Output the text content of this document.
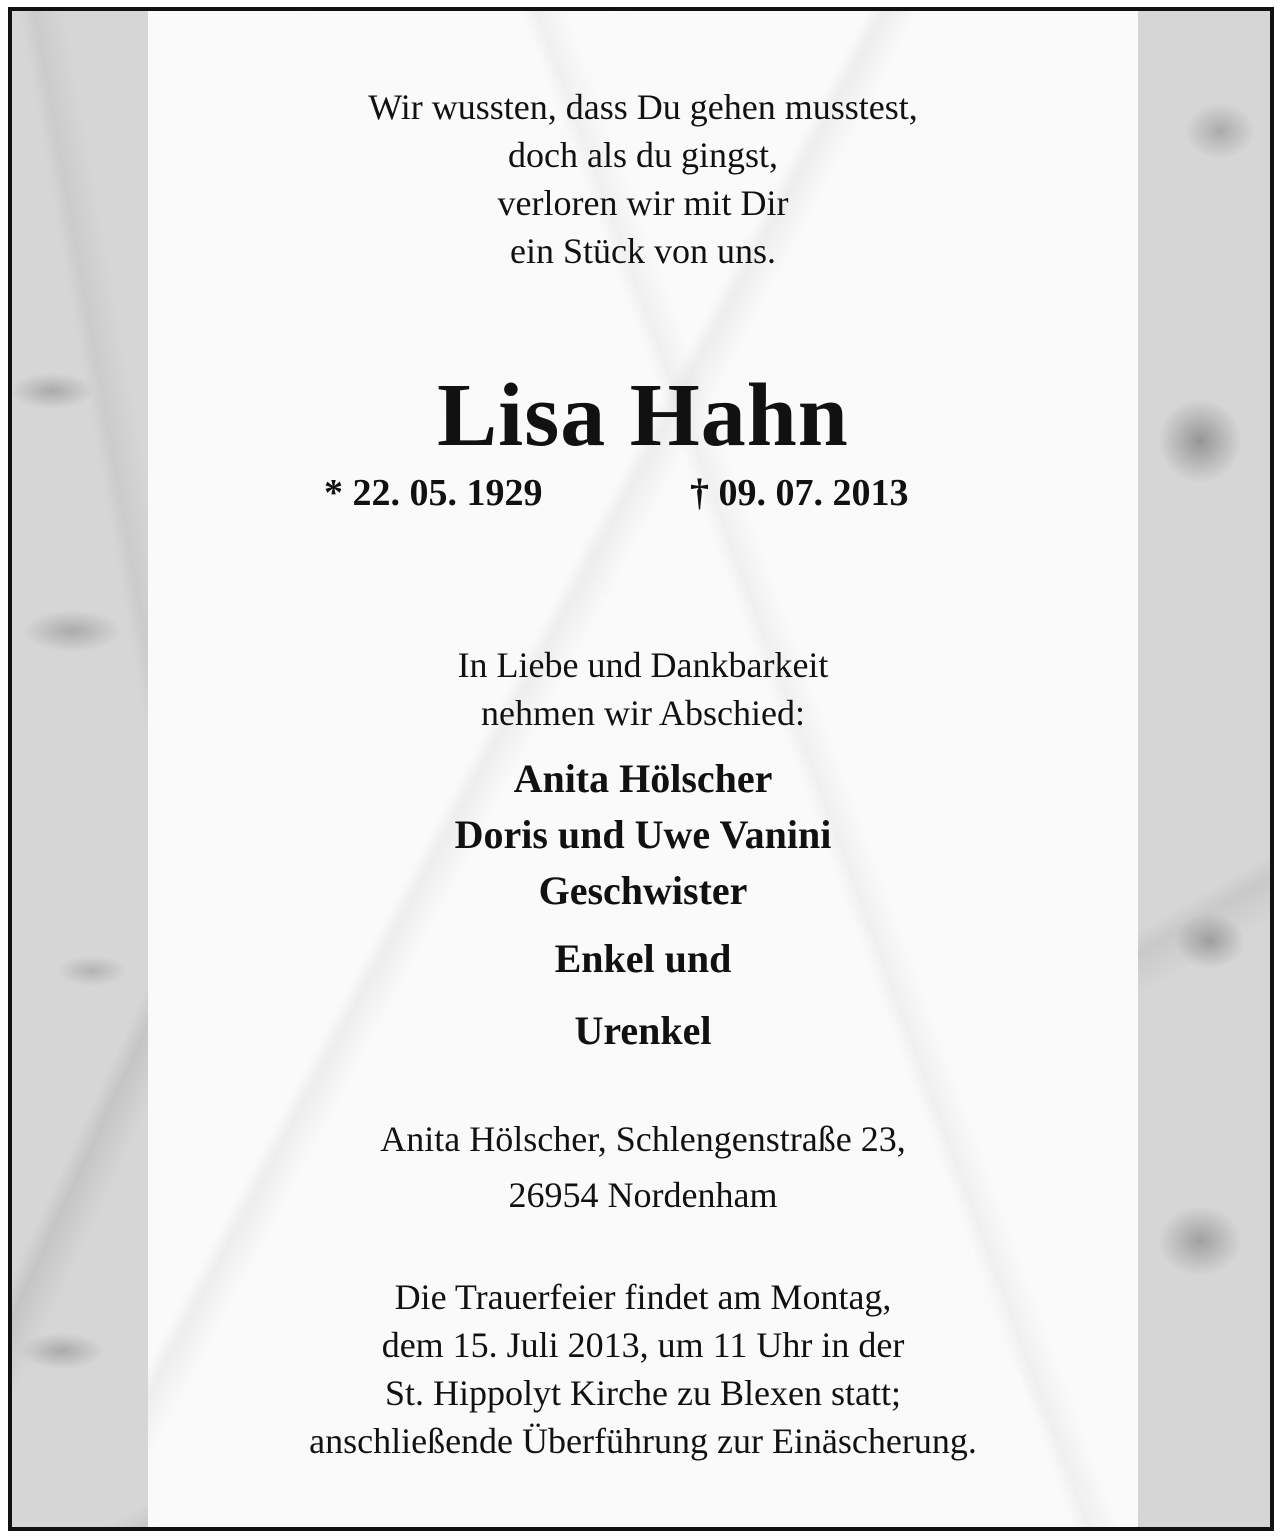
Wir wussten, dass Du gehen musstest,
doch als du gingst,
verloren wir mit Dir
ein Stück von uns.
Lisa Hahn
* 22. 05. 1929	† 09. 07. 2013
In Liebe und Dankbarkeit
nehmen wir Abschied:
Anita Hölscher
Doris und Uwe Vanini
Geschwister
Enkel und
Urenkel
Anita Hölscher, Schlengenstraße 23,
26954 Nordenham
Die Trauerfeier findet am Montag,
dem 15. Juli 2013, um 11 Uhr in der
St. Hippolyt Kirche zu Blexen statt;
anschließende Überführung zur Einäscherung.
